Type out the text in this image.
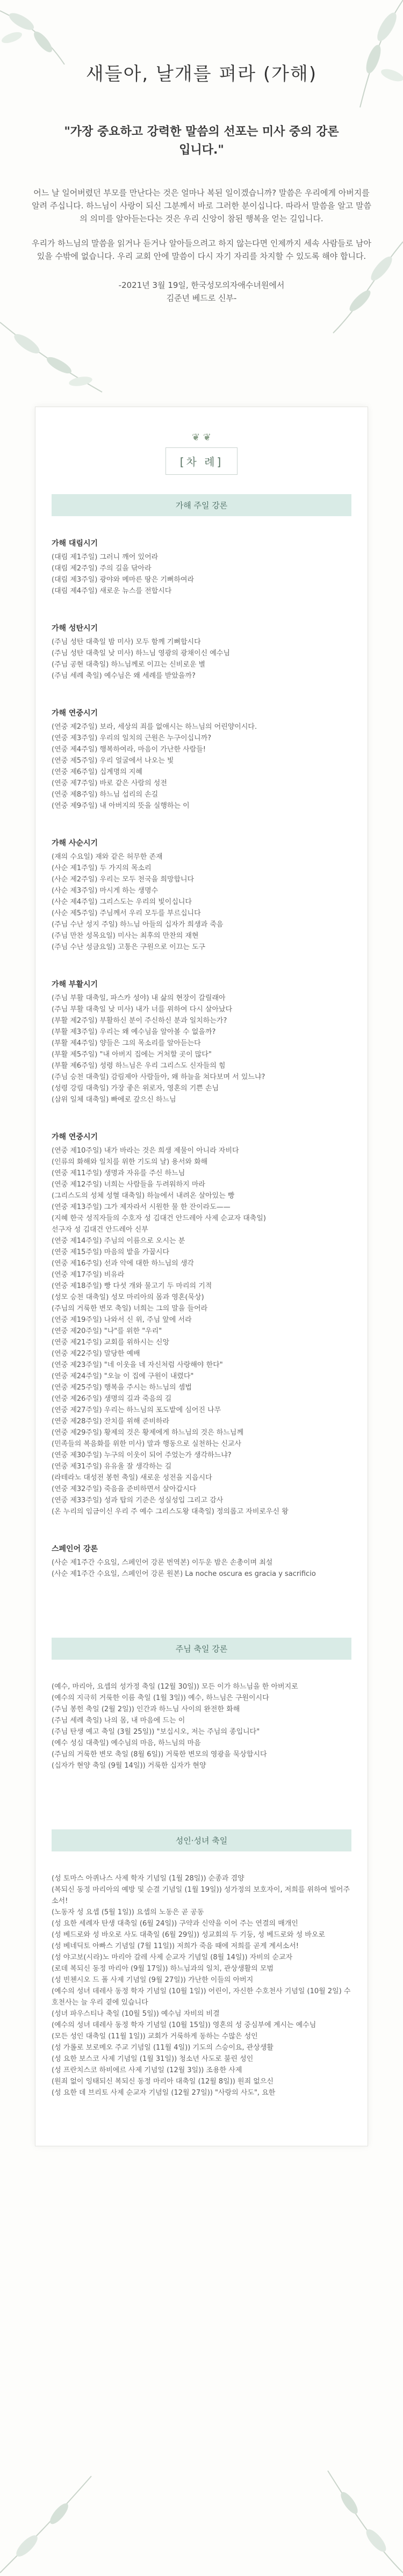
새들아, 날개를 펴라 (가해)

"가장 중요하고 강력한 말씀의 선포는 미사 중의 강론입니다."

어느 날 일어버렸던 부모를 만난다는 것은 얼마나 복된 일이겠습니까? 말씀은 우리에게 아버지를 알려 주십니다. 하느님이 사랑이 되신 그분께서 바로 그러한 분이십니다. 따라서 말씀을 알고 말씀의 의미를 알아듣는다는 것은 우리 신앙이 참된 행복을 얻는 길입니다.

우리가 하느님의 말씀을 읽거나 듣거나 알아들으려고 하지 않는다면 인제까지 세속 사람들로 남아 있을 수밖에 없습니다. 우리 교회 안에 말씀이 다시 자기 자리를 차지할 수 있도록 해야 합니다.

-2021년 3월 19일, 한국성모의자애수녀원에서
김준년 베드로 신부-

❦ ❦
[차 례]
가해 주일 강론
가해 대림시기
(대림 제1주일) 그러니 깨어 있어라
(대림 제2주일) 주의 길을 닦아라
(대림 제3주일) 광야와 메마른 땅은 기뻐하여라
(대림 제4주일) 새로운 뉴스를 전합시다
가해 성탄시기
(주님 성탄 대축일 밤 미사) 모두 함께 기뻐합시다
(주님 성탄 대축일 낮 미사) 하느님 영광의 광채이신 예수님
(주님 공현 대축일) 하느님께로 이끄는 신비로운 별
(주님 세례 축일) 예수님은 왜 세례를 받았을까?
가해 연중시기
(연중 제2주일) 보라, 세상의 죄를 없애시는 하느님의 어린양이시다.
(연중 제3주일) 우리의 일치의 근원은 누구이십니까?
(연중 제4주일) 행복하여라, 마음이 가난한 사람들!
(연중 제5주일) 우리 얼굴에서 나오는 빛
(연중 제6주일) 십계명의 지혜
(연중 제7주일) 바로 같은 사람의 성전
(연중 제8주일) 하느님 섭리의 손길
(연중 제9주일) 내 아버지의 뜻을 실행하는 이
가해 사순시기
(재의 수요일) 재와 같은 허무한 존재
(사순 제1주일) 두 가지의 목소리
(사순 제2주일) 우리는 모두 천국을 희망합니다
(사순 제3주일) 마시게 하는 생명수
(사순 제4주일) 그리스도는 우리의 빛이십니다
(사순 제5주일) 주님께서 우리 모두를 부르십니다
(주님 수난 성지 주일) 하느님 아들의 십자가 희생과 죽음
(주님 만찬 성목요일) 미사는 최후의 만찬의 재현
(주님 수난 성금요일) 고통은 구원으로 이끄는 도구
가해 부활시기
(주님 부활 대축일, 파스카 성야) 내 삶의 현장이 갈릴래아
(주님 부활 대축일 낮 미사) 내가 너를 위하여 다시 살아났다
(부활 제2주일) 부활하신 분이 주신하신 분과 일치하는가?
(부활 제3주일) 우리는 왜 예수님을 알아볼 수 없을까?
(부활 제4주일) 양들은 그의 목소리를 알아듣는다
(부활 제5주일) "내 아버지 집에는 거처할 곳이 많다"
(부활 제6주일) 성령 하느님은 우리 그리스도 신자들의 힘
(주님 승천 대축일) 감림제아 사람들아, 왜 하늘을 쳐다보며 서 있느냐?
(성령 강림 대축일) 가장 좋은 위로자, 영혼의 기쁜 손님
(삼위 일체 대축일) 빠에로 갚으신 하느님
가해 연중시기
(연중 제10주일) 내가 바라는 것은 희생 제물이 아니라 자비다
(인류의 화해와 일치를 위한 기도의 날) 용서와 화해
(연중 제11주일) 생명과 자유를 주신 하느님
(연중 제12주일) 너희는 사람들을 두려워하지 마라
(그리스도의 성체 성혈 대축일) 하늘에서 내려온 살아있는 빵
(연중 제13주일) 그가 제자라서 시원한 물 한 잔이라도——
(지혜 한국 성직자들의 수호자 성 김대건 안드레아 사제 순교자 대축일)
선구자 성 김대건 안드레아 신부
(연중 제14주일) 주님의 이름으로 오시는 분
(연중 제15주일) 마음의 밭을 가꿉시다
(연중 제16주일) 선과 악에 대한 하느님의 생각
(연중 제17주일) 비유라
(연중 제18주일) 빵 다섯 개와 물고기 두 마리의 기적
(성모 승천 대축일) 성모 마리아의 몸과 영혼(묵상)
(주님의 거룩한 변모 축일) 너희는 그의 말을 들어라
(연중 제19주일) 나와서 신 위, 주님 앞에 서라
(연중 제20주일) "나"를 위한 "우리"
(연중 제21주일) 교회를 위하시는 신앙
(연중 제22주일) 말당한 예배
(연중 제23주일) "네 이웃을 네 자신처럼 사랑해야 한다"
(연중 제24주일) "오늘 이 집에 구원이 내렸다"
(연중 제25주일) 행복을 주시는 하느님의 셈법
(연중 제26주일) 생명의 길과 죽음의 길
(연중 제27주일) 우리는 하느님의 포도밭에 심어진 나무
(연중 제28주일) 잔치를 위해 준비하라
(연중 제29주일) 황제의 것은 황제에게 하느님의 것은 하느님께
(민족들의 복음화를 위한 미사) 말과 행동으로 실천하는 신교사
(연중 제30주일) 누구의 이웃이 되어 주었는가 생각하느냐?
(연중 제31주일) 유유울 잘 생각하는 길
(라테라노 대성전 봉헌 축일) 새로운 성전을 지읍시다
(연중 제32주일) 죽음을 준비하면서 살아갑시다
(연중 제33주일) 성과 탑의 기준은 성실성입 그리고 감사
(온 누리의 임금이신 우리 주 예수 그리스도왕 대축일) 정의롭고 자비로우신 왕
스페인어 강론
(사순 제1주간 수요일, 스페인어 강론 번역본) 이두운 밤은 손총이며 최설
(사순 제1주간 수요일, 스페인어 강론 원본) La noche oscura es gracia y sacrificio
주님 축일 강론
(예수, 마리아, 요셉의 성가정 축일 (12월 30일)) 모든 이가 하느님을 한 아버지로
(예수의 지극히 거룩한 이름 축일 (1월 3일)) 예수, 하느님은 구원이시다
(주님 봉헌 축일 (2월 2일)) 인간과 하느님 사이의 완전한 화해
(주님 세례 축일) 나의 몸, 내 마음에 드는 이
(주님 탄생 예고 축일 (3월 25일)) "보십시오, 저는 주님의 종입니다"
(예수 성심 대축일) 예수님의 마음, 하느님의 마음
(주님의 거룩한 변모 축일 (8월 6일)) 거룩한 변모의 영광을 묵상합시다
(십자가 현양 축일 (9월 14일)) 거룩한 십자가 현양
성인·성녀 축일
(성 토마스 아퀴나스 사제 학자 기념일 (1월 28일)) 순종과 겸양
(복되신 동정 마리아의 예방 및 순결 기념일 (1월 19일)) 성가정의 보호자이, 저희를 위하여 빌어주소서!
(노동자 성 요셉 (5월 1일)) 요셉의 노동은 곧 공동
(성 요한 세례자 탄생 대축일 (6월 24일)) 구약과 신약을 이어 주는 연결의 매개인
(성 베드로와 성 바오로 사도 대축일 (6월 29일)) 성교회의 두 기둥, 성 베드로와 성 바오로
(성 베네딕토 아빠스 기념일 (7월 11일)) 저희가 죽음 때에 저희를 곧게 계셔소서!
(성 야고보(시라)노 마리아 갈레 사제 순교자 기념일 (8월 14일)) 자비의 순교자
(로데 복되신 동정 마리아 (9월 17일)) 하느님과의 일치, 관상생활의 모범
(성 빈첸시오 드 폴 사제 기념일 (9월 27일)) 가난한 이들의 아버지
(예수의 성녀 데레사 동정 학자 기념일 (10월 1일)) 어린이, 자신한 수호천사 기념일 (10월 2일) 수호천사는 늘 우리 곁에 있습니다
(성녀 파우스티나 축일 (10월 5일)) 예수님 자비의 비결
(예수의 성녀 데레사 동정 학자 기념일 (10월 15일)) 영혼의 성 중심부에 계시는 예수님
(모든 성인 대축일 (11월 1일)) 교회가 거룩하게 동하는 수많은 성인
(성 가롤로 보로메오 주교 기념일 (11월 4일)) 기도의 스승이요, 관상생활
(성 요한 보스코 사제 기념일 (1월 31일)) 청소년 사도로 불린 성인
(성 프란치스코 하비에르 사제 기념일 (12월 3일)) 조용한 사제
(원죄 없이 잉태되신 복되신 동정 마리아 대축일 (12월 8일)) 원죄 없으신
(성 요한 데 브리토 사제 순교자 기념일 (12월 27일)) "사랑의 사도", 요한
